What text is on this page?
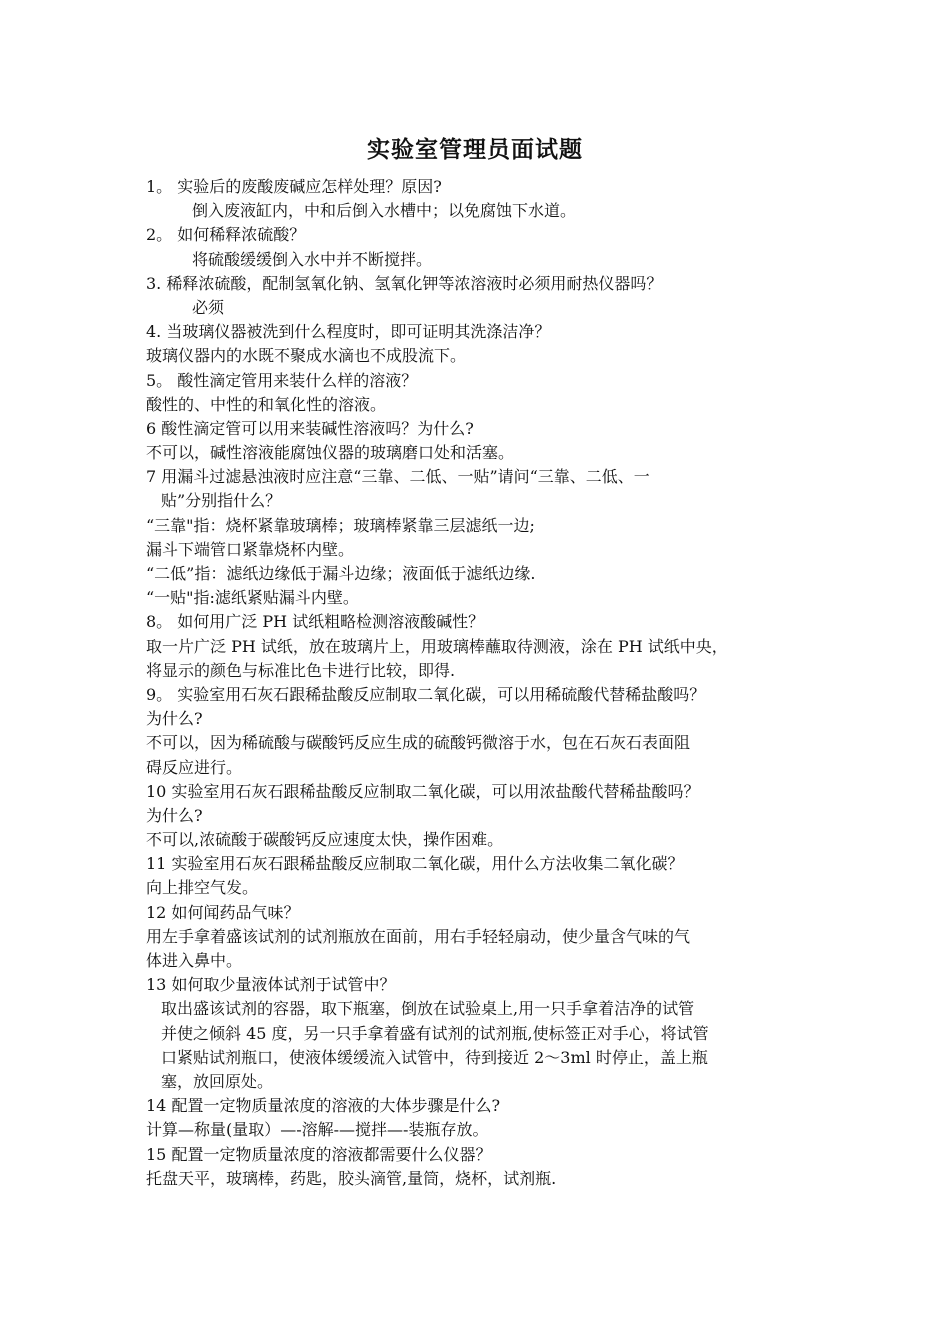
实验室管理员面试题
1。 实验后的废酸废碱应怎样处理？原因?
倒入废液缸内，中和后倒入水槽中；以免腐蚀下水道。
2。 如何稀释浓硫酸？
将硫酸缓缓倒入水中并不断搅拌。
3. 稀释浓硫酸，配制氢氧化钠、氢氧化钾等浓溶液时必须用耐热仪器吗？
必须
4. 当玻璃仪器被洗到什么程度时，即可证明其洗涤洁净？
玻璃仪器内的水既不聚成水滴也不成股流下。
5。 酸性滴定管用来装什么样的溶液？
酸性的、中性的和氧化性的溶液。
6 酸性滴定管可以用来装碱性溶液吗？为什么?
不可以，碱性溶液能腐蚀仪器的玻璃磨口处和活塞。
7 用漏斗过滤悬浊液时应注意“三靠、二低、一贴”请问“三靠、二低、一
贴”分别指什么？
“三靠"指：烧杯紧靠玻璃棒；玻璃棒紧靠三层滤纸一边;
漏斗下端管口紧靠烧杯内壁。
“二低”指：滤纸边缘低于漏斗边缘；液面低于滤纸边缘.
“一贴"指:滤纸紧贴漏斗内壁。
8。 如何用广泛 PH 试纸粗略检测溶液酸碱性？
取一片广泛 PH 试纸，放在玻璃片上，用玻璃棒蘸取待测液，涂在 PH 试纸中央，
将显示的颜色与标准比色卡进行比较，即得.
9。 实验室用石灰石跟稀盐酸反应制取二氧化碳，可以用稀硫酸代替稀盐酸吗？
为什么?
不可以，因为稀硫酸与碳酸钙反应生成的硫酸钙微溶于水，包在石灰石表面阻
碍反应进行。
10 实验室用石灰石跟稀盐酸反应制取二氧化碳，可以用浓盐酸代替稀盐酸吗？
为什么?
不可以,浓硫酸于碳酸钙反应速度太快，操作困难。
11 实验室用石灰石跟稀盐酸反应制取二氧化碳，用什么方法收集二氧化碳？
向上排空气发。
12 如何闻药品气味？
用左手拿着盛该试剂的试剂瓶放在面前，用右手轻轻扇动，使少量含气味的气
体进入鼻中。
13 如何取少量液体试剂于试管中？
取出盛该试剂的容器，取下瓶塞，倒放在试验桌上,用一只手拿着洁净的试管
并使之倾斜 45 度，另一只手拿着盛有试剂的试剂瓶,使标签正对手心，将试管
口紧贴试剂瓶口，使液体缓缓流入试管中，待到接近 2～3ml 时停止，盖上瓶
塞，放回原处。
14 配置一定物质量浓度的溶液的大体步骤是什么?
计算—称量(量取）—-溶解-—搅拌—-装瓶存放。
15 配置一定物质量浓度的溶液都需要什么仪器？
托盘天平，玻璃棒，药匙，胶头滴管,量筒，烧杯，试剂瓶.
